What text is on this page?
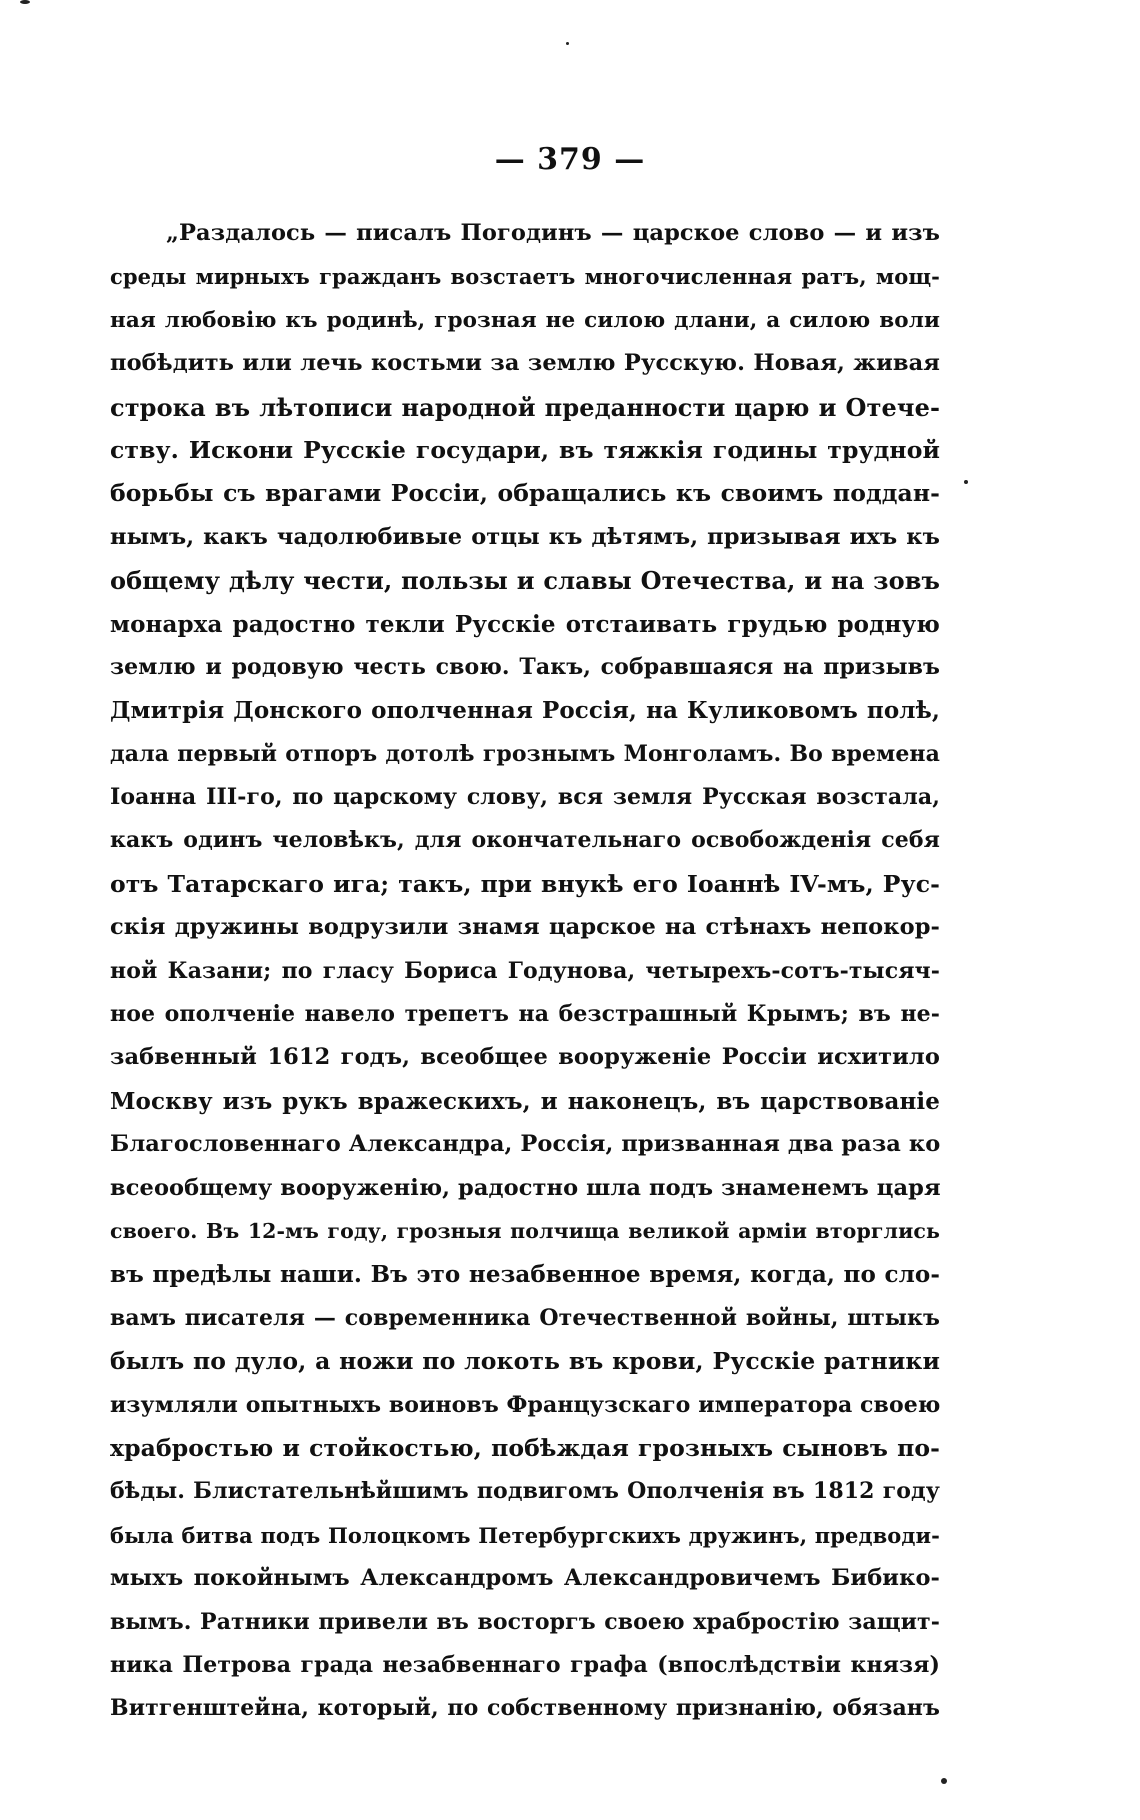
— 379 —
„Раздалось — писалъ Погодинъ — царское слово — и изъ
среды мирныхъ гражданъ возстаетъ многочисленная ратъ, мощ-
ная любовію къ родинѣ, грозная не силою длани, а силою воли
побѣдить или лечь костьми за землю Русскую. Новая, живая
строка въ лѣтописи народной преданности царю и Отече-
ству. Искони Русскіе государи, въ тяжкія годины трудной
борьбы съ врагами Россіи, обращались къ своимъ поддан-
нымъ, какъ чадолюбивые отцы къ дѣтямъ, призывая ихъ къ
общему дѣлу чести, пользы и славы Отечества, и на зовъ
монарха радостно текли Русскіе отстаивать грудью родную
землю и родовую честь свою. Такъ, собравшаяся на призывъ
Дмитрія Донского ополченная Россія, на Куликовомъ полѣ,
дала первый отпоръ дотолѣ грознымъ Монголамъ. Во времена
Іоанна III-го, по царскому слову, вся земля Русская возстала,
какъ одинъ человѣкъ, для окончательнаго освобожденія себя
отъ Татарскаго ига; такъ, при внукѣ его Іоаннѣ IV-мъ, Рус-
скія дружины водрузили знамя царское на стѣнахъ непокор-
ной Казани; по гласу Бориса Годунова, четырехъ-сотъ-тысяч-
ное ополченіе навело трепетъ на безстрашный Крымъ; въ не-
забвенный 1612 годъ, всеобщее вооруженіе Россіи исхитило
Москву изъ рукъ вражескихъ, и наконецъ, въ царствованіе
Благословеннаго Александра, Россія, призванная два раза ко
всеообщему вооруженію, радостно шла подъ знаменемъ царя
своего. Въ 12-мъ году, грозныя полчища великой арміи вторглись
въ предѣлы наши. Въ это незабвенное время, когда, по сло-
вамъ писателя — современника Отечественной войны, штыкъ
былъ по дуло, а ножи по локоть въ крови, Русскіе ратники
изумляли опытныхъ воиновъ Французскаго императора своею
храбростью и стойкостью, побѣждая грозныхъ сыновъ по-
бѣды. Блистательнѣйшимъ подвигомъ Ополченія въ 1812 году
была битва подъ Полоцкомъ Петербургскихъ дружинъ, предводи-
мыхъ покойнымъ Александромъ Александровичемъ Бибико-
вымъ. Ратники привели въ восторгъ своею храбростію защит-
ника Петрова града незабвеннаго графа (впослѣдствіи князя)
Витгенштейна, который, по собственному признанію, обязанъ
